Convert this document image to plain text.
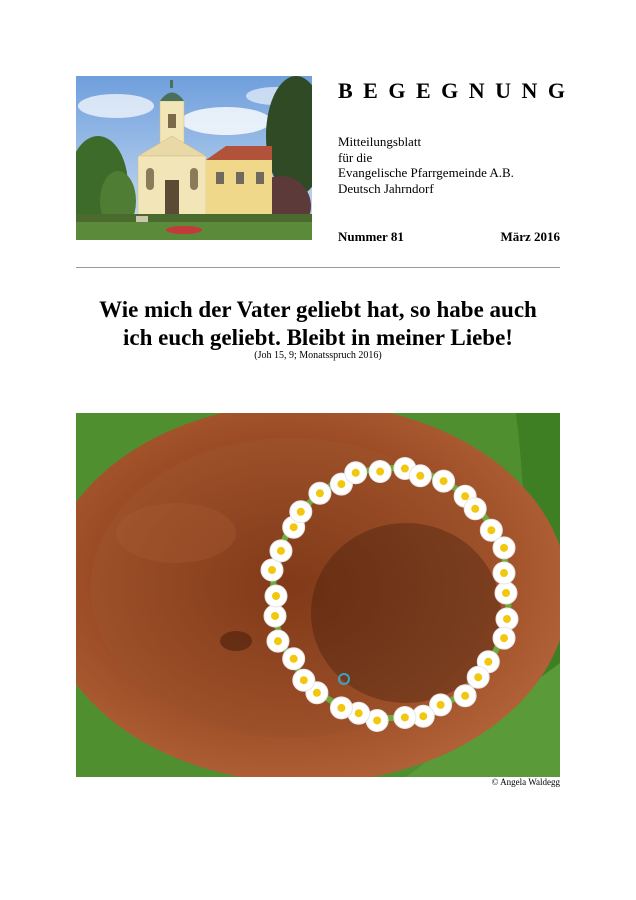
BEGEGNUNG
Mitteilungsblatt
für die
Evangelische Pfarrgemeinde A.B.
Deutsch Jahrndorf
Nummer 81	März 2016
Wie mich der Vater geliebt hat, so habe auch
ich euch geliebt. Bleibt in meiner Liebe!
(Joh 15, 9; Monatsspruch 2016)
© Angela Waldegg
